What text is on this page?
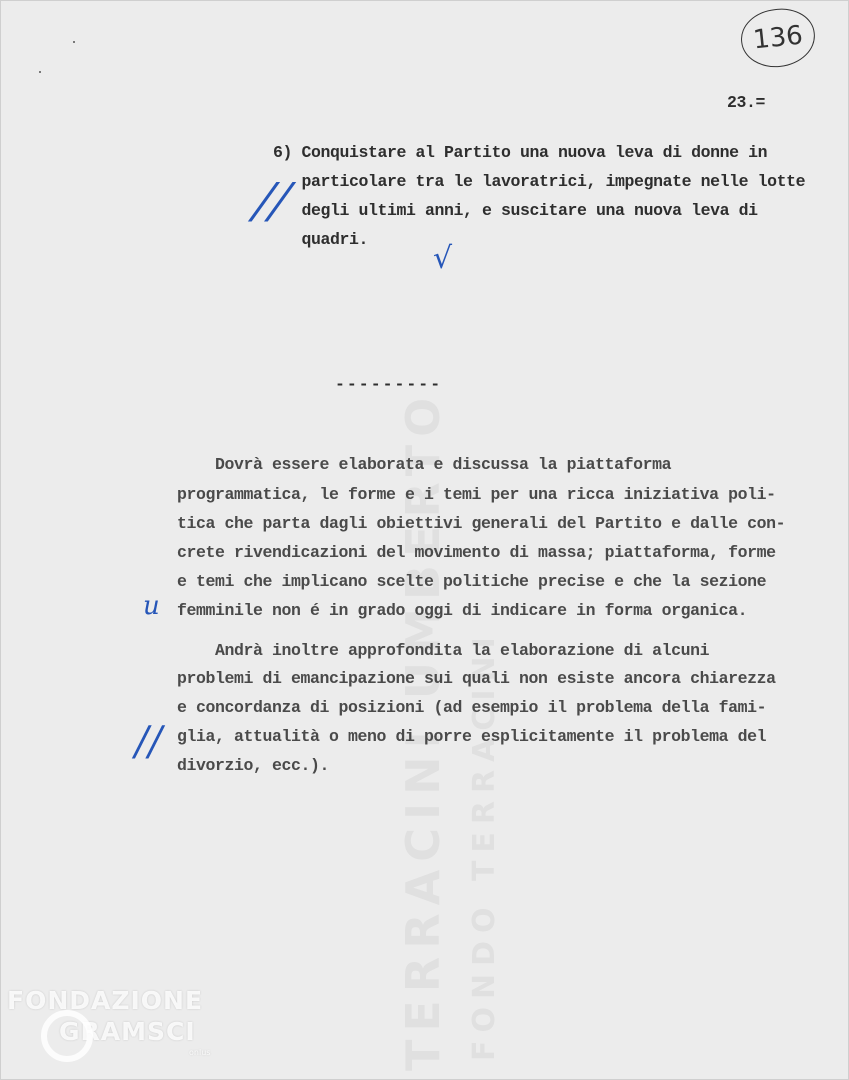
TERRACINI UMBERTO FONDO TERRACINI
136
23.=
6) Conquistare al Partito una nuova leva di donne in
particolare tra le lavoratrici, impegnate nelle lotte
degli ultimi anni, e suscitare una nuova leva di
quadri.
//
√
---------
Dovrà essere elaborata e discussa la piattaforma
programmatica, le forme e i temi per una ricca iniziativa poli-
tica che parta dagli obiettivi generali del Partito e dalle con-
crete rivendicazioni del movimento di massa; piattaforma, forme
e temi che implicano scelte politiche precise e che la sezione
femminile non é in grado oggi di indicare in forma organica.
u
Andrà inoltre approfondita la elaborazione di alcuni
problemi di emancipazione sui quali non esiste ancora chiarezza
e concordanza di posizioni (ad esempio il problema della fami-
glia, attualità o meno di porre esplicitamente il problema del
divorzio, ecc.).
//
FONDAZIONE
GRAMSCI
onlus
